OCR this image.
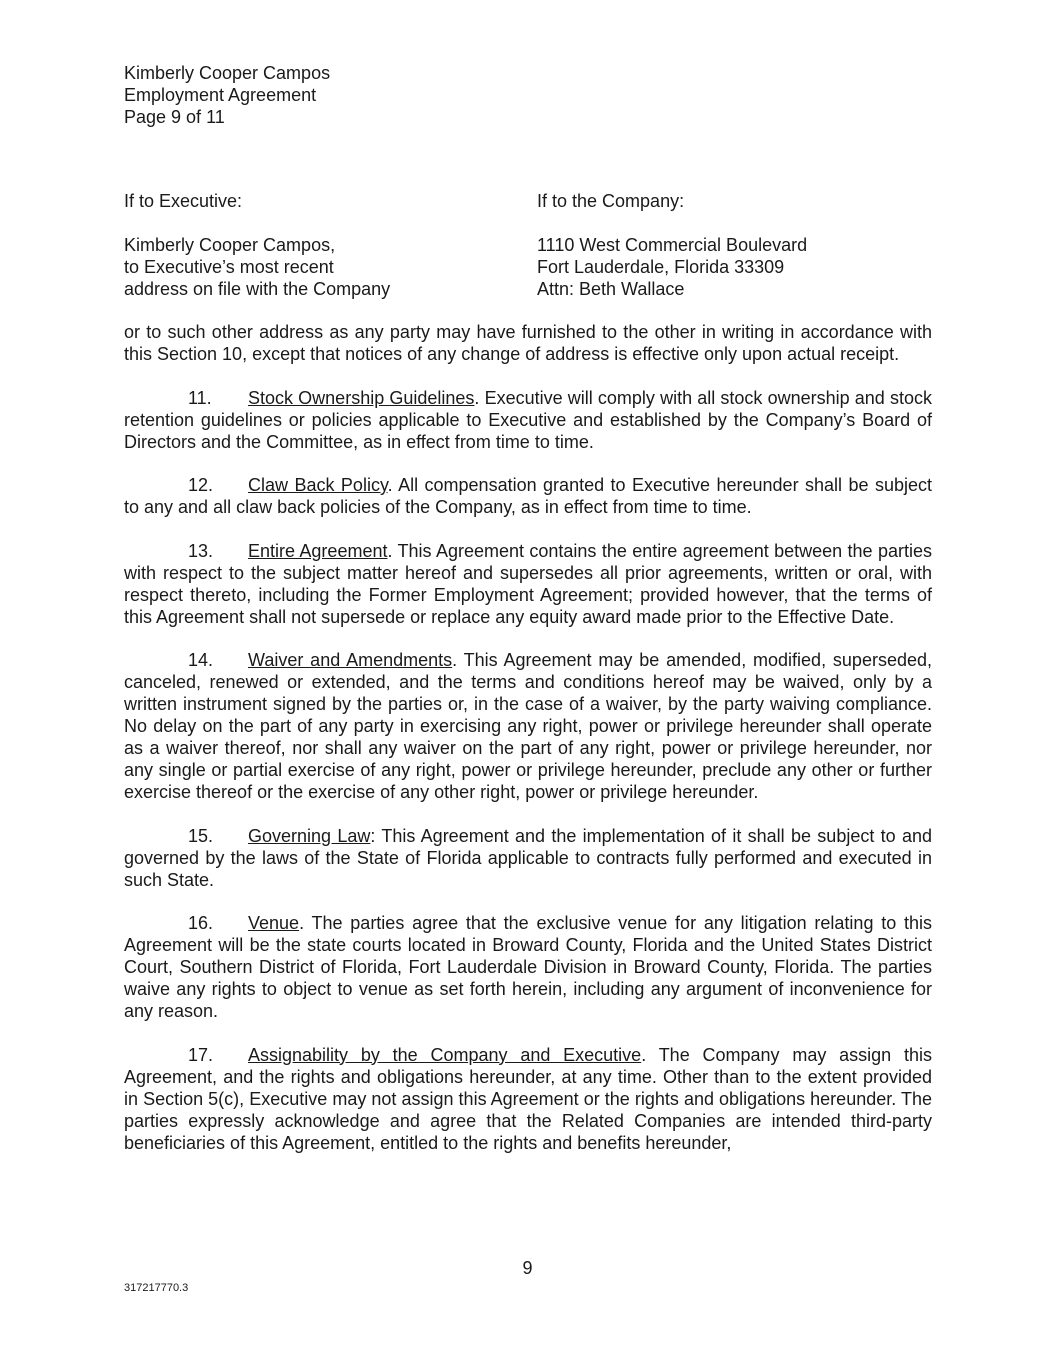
Kimberly Cooper Campos
Employment Agreement
Page 9 of 11
If to Executive:
Kimberly Cooper Campos,
to Executive’s most recent
address on file with the Company
If to the Company:
1110 West Commercial Boulevard
Fort Lauderdale, Florida 33309
Attn: Beth Wallace

or to such other address as any party may have furnished to the other in writing in accordance with this Section 10, except that notices of any change of address is effective only upon actual receipt.

11. Stock Ownership Guidelines. Executive will comply with all stock ownership and stock retention guidelines or policies applicable to Executive and established by the Company’s Board of Directors and the Committee, as in effect from time to time.

12. Claw Back Policy. All compensation granted to Executive hereunder shall be subject to any and all claw back policies of the Company, as in effect from time to time.

13. Entire Agreement. This Agreement contains the entire agreement between the parties with respect to the subject matter hereof and supersedes all prior agreements, written or oral, with respect thereto, including the Former Employment Agreement; provided however, that the terms of this Agreement shall not supersede or replace any equity award made prior to the Effective Date.

14. Waiver and Amendments. This Agreement may be amended, modified, superseded, canceled, renewed or extended, and the terms and conditions hereof may be waived, only by a written instrument signed by the parties or, in the case of a waiver, by the party waiving compliance. No delay on the part of any party in exercising any right, power or privilege hereunder shall operate as a waiver thereof, nor shall any waiver on the part of any right, power or privilege hereunder, nor any single or partial exercise of any right, power or privilege hereunder, preclude any other or further exercise thereof or the exercise of any other right, power or privilege hereunder.

15. Governing Law: This Agreement and the implementation of it shall be subject to and governed by the laws of the State of Florida applicable to contracts fully performed and executed in such State.

16. Venue. The parties agree that the exclusive venue for any litigation relating to this Agreement will be the state courts located in Broward County, Florida and the United States District Court, Southern District of Florida, Fort Lauderdale Division in Broward County, Florida. The parties waive any rights to object to venue as set forth herein, including any argument of inconvenience for any reason.

17. Assignability by the Company and Executive. The Company may assign this Agreement, and the rights and obligations hereunder, at any time. Other than to the extent provided in Section 5(c), Executive may not assign this Agreement or the rights and obligations hereunder. The parties expressly acknowledge and agree that the Related Companies are intended third-party beneficiaries of this Agreement, entitled to the rights and benefits hereunder,

9
317217770.3
